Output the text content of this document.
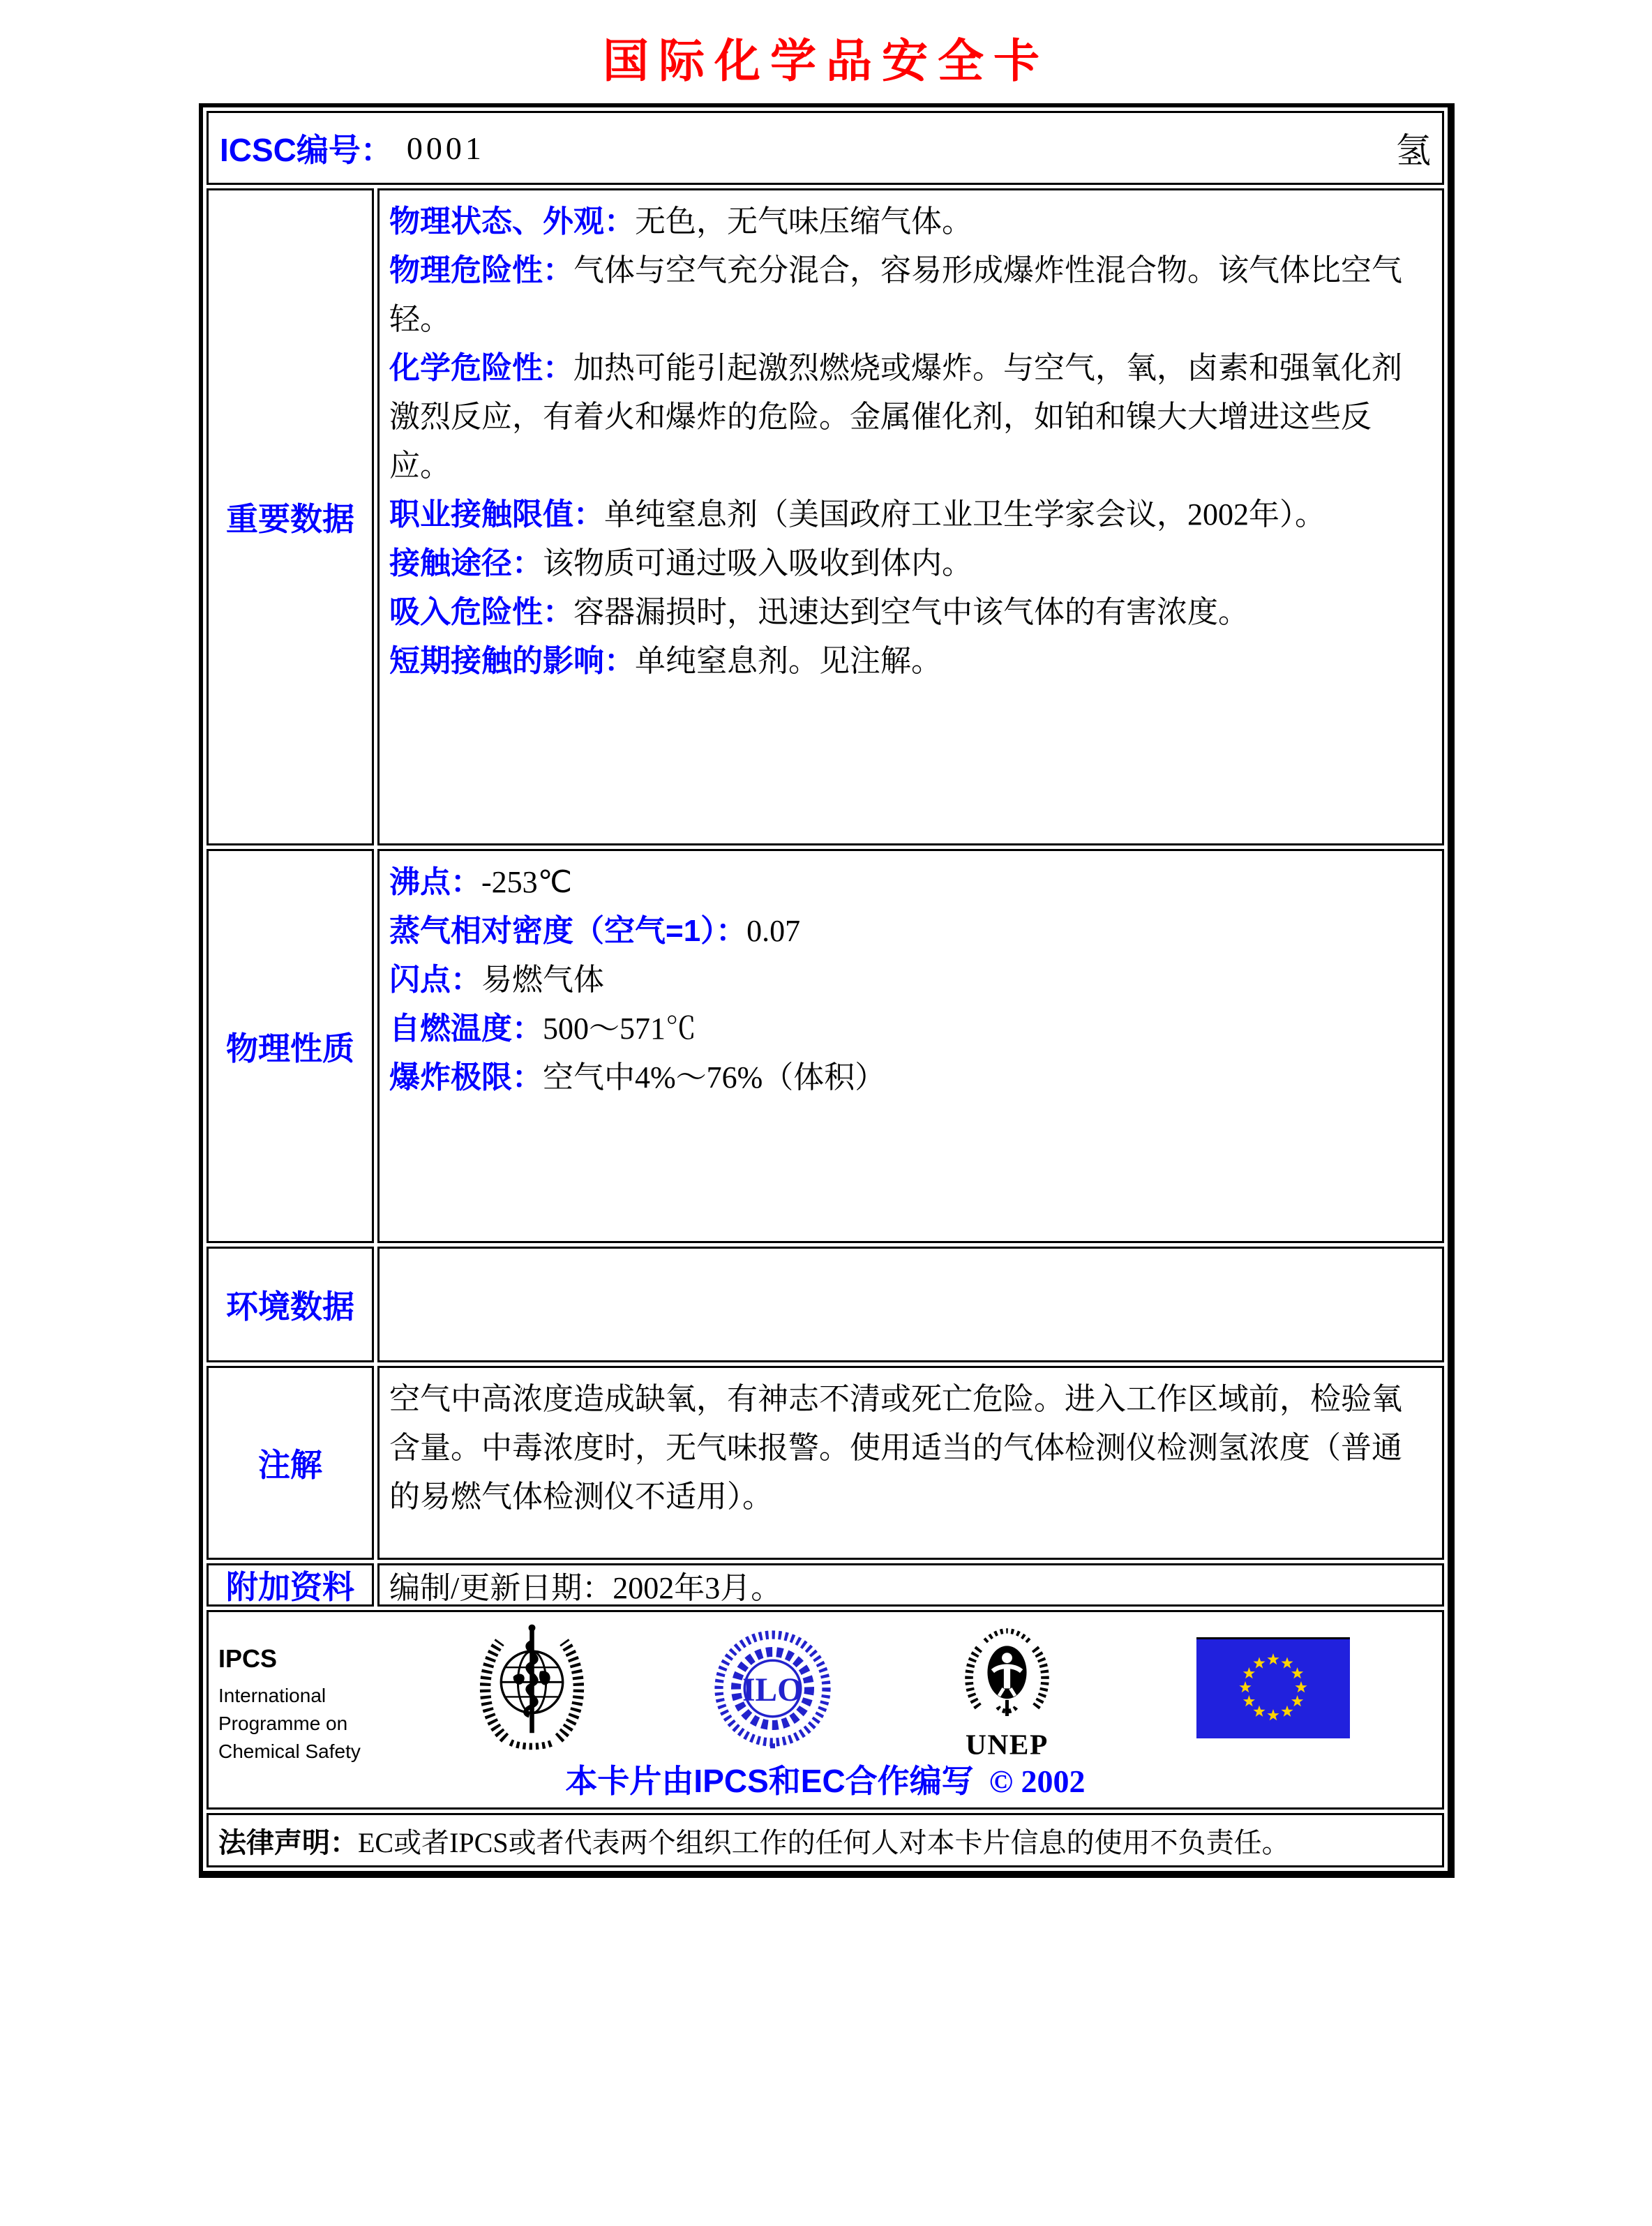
国际化学品安全卡
ICSC编号： 0001	氢
重要数据
物理状态、外观：无色，无气味压缩气体。
物理危险性：气体与空气充分混合，容易形成爆炸性混合物。该气体比空气轻。
化学危险性：加热可能引起激烈燃烧或爆炸。与空气，氧，卤素和强氧化剂激烈反应，有着火和爆炸的危险。金属催化剂，如铂和镍大大增进这些反应。
职业接触限值：单纯窒息剂（美国政府工业卫生学家会议，2002年）。
接触途径：该物质可通过吸入吸收到体内。
吸入危险性：容器漏损时，迅速达到空气中该气体的有害浓度。
短期接触的影响：单纯窒息剂。见注解。
物理性质
沸点：-253℃
蒸气相对密度（空气=1）：0.07
闪点：易燃气体
自燃温度：500～571℃
爆炸极限：空气中4%～76%（体积）
环境数据
注解
空气中高浓度造成缺氧，有神志不清或死亡危险。进入工作区域前，检验氧含量。中毒浓度时，无气味报警。使用适当的气体检测仪检测氢浓度（普通的易燃气体检测仪不适用）。
附加资料	编制/更新日期： 2002年3月。
IPCS
International
Programme on
Chemical Safety
ILO
UNEP
本卡片由IPCS和EC合作编写 © 2002
法律声明： EC或者IPCS或者代表两个组织工作的任何人对本卡片信息的使用不负责任。
